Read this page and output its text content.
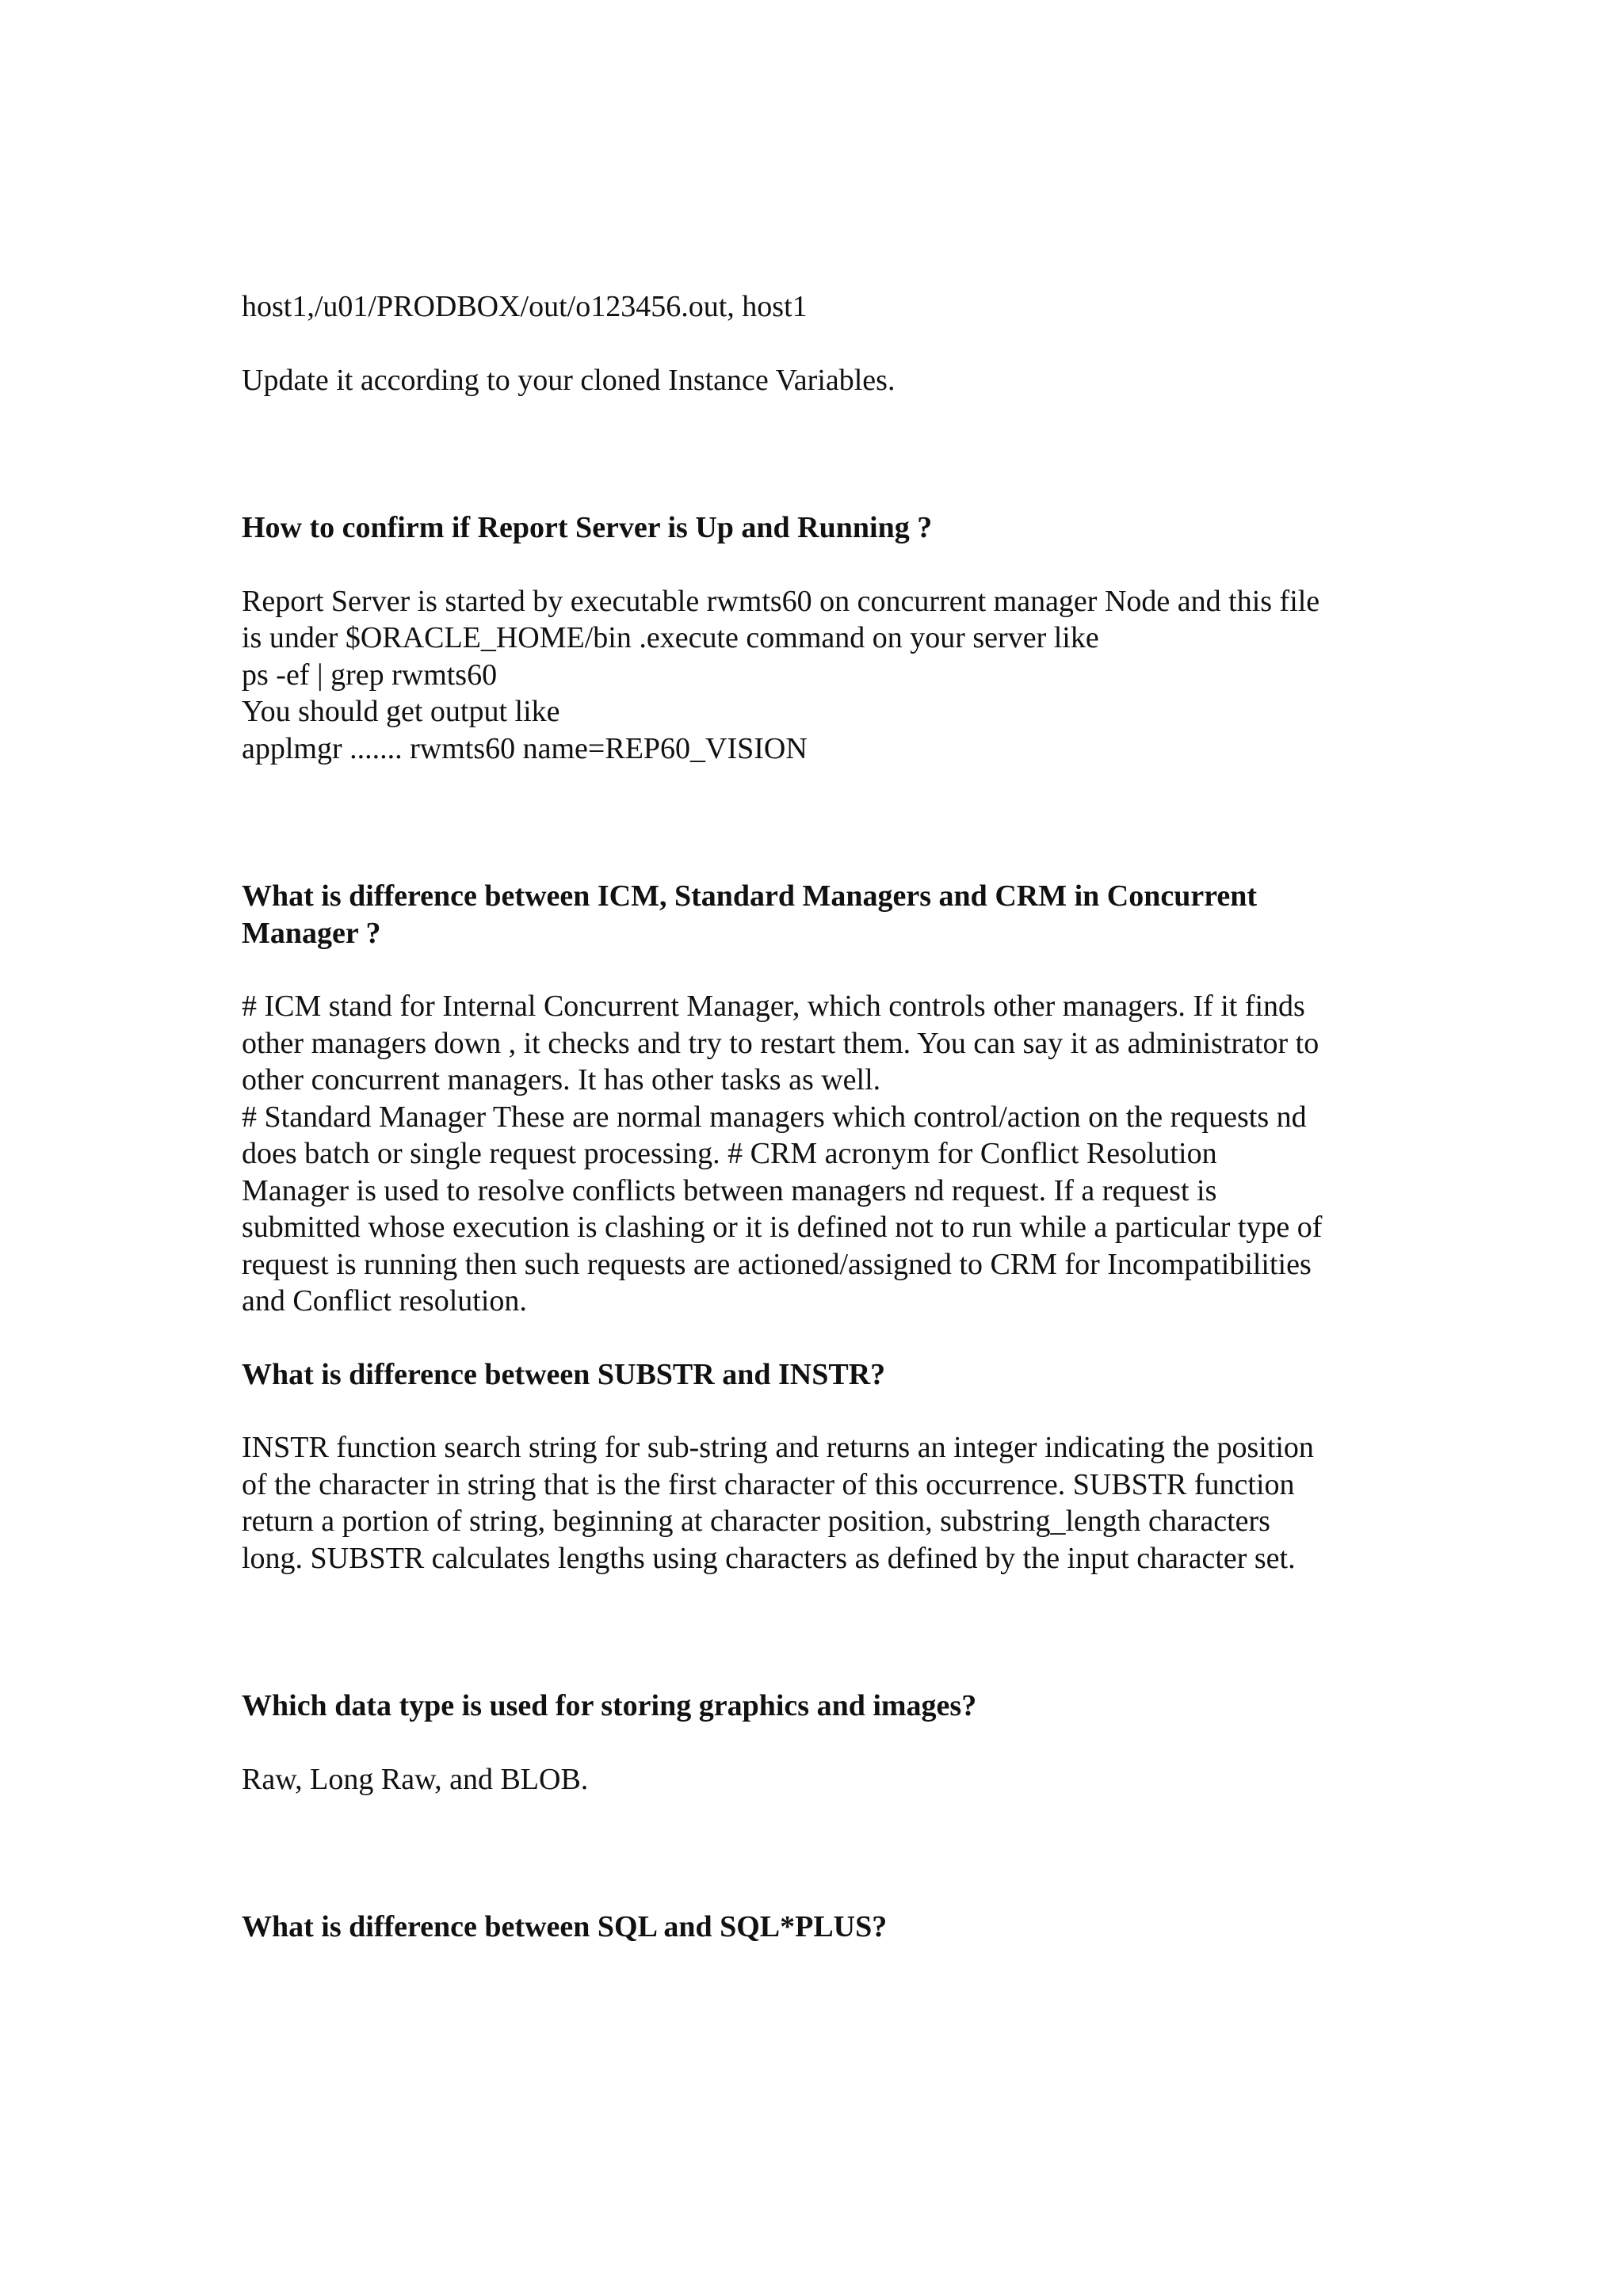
host1,/u01/PRODBOX/out/o123456.out, host1

Update it according to your cloned Instance Variables.

How to confirm if Report Server is Up and Running ?

Report Server is started by executable rwmts60 on concurrent manager Node and this file
is under $ORACLE_HOME/bin .execute command on your server like
ps -ef | grep rwmts60
You should get output like
applmgr ....... rwmts60 name=REP60_VISION
What is difference between ICM, Standard Managers and CRM in Concurrent
Manager ?
# ICM stand for Internal Concurrent Manager, which controls other managers. If it finds
other managers down , it checks and try to restart them. You can say it as administrator to
other concurrent managers. It has other tasks as well.
# Standard Manager These are normal managers which control/action on the requests nd
does batch or single request processing. # CRM acronym for Conflict Resolution
Manager is used to resolve conflicts between managers nd request. If a request is
submitted whose execution is clashing or it is defined not to run while a particular type of
request is running then such requests are actioned/assigned to CRM for Incompatibilities
and Conflict resolution.

What is difference between SUBSTR and INSTR?

INSTR function search string for sub-string and returns an integer indicating the position
of the character in string that is the first character of this occurrence. SUBSTR function
return a portion of string, beginning at character position, substring_length characters
long. SUBSTR calculates lengths using characters as defined by the input character set.

Which data type is used for storing graphics and images?

Raw, Long Raw, and BLOB.

What is difference between SQL and SQL*PLUS?
